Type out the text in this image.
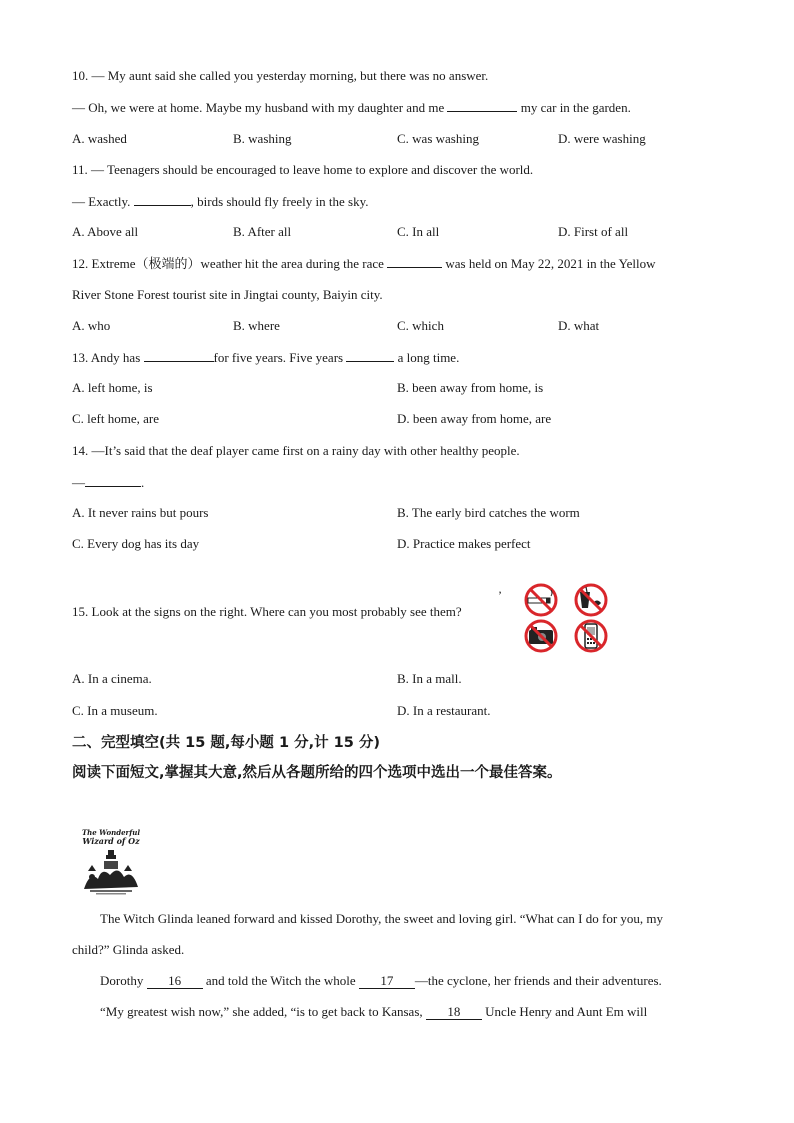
10. — My aunt said she called you yesterday morning, but there was no answer.
— Oh, we were at home. Maybe my husband with my daughter and me	my car in the garden.
A. washed	B. washing	C. was washing	D. were washing
11. — Teenagers should be encouraged to leave home to explore and discover the world.
— Exactly.	, birds should fly freely in the sky.
A. Above all	B. After all	C. In all	D. First of all
12. Extreme（极端的）weather hit the area during the race	was held on May 22, 2021 in the Yellow
River Stone Forest tourist site in Jingtai county, Baiyin city.
A. who	B. where	C. which	D. what
13. Andy has	for five years. Five years	a long time.
A. left home, is	B. been away from home, is
C. left home, are	D. been away from home, are
14. —It’s said that the deaf player came first on a rainy day with other healthy people.
—	.
A. It never rains but pours	B. The early bird catches the worm
C. Every dog has its day	D. Practice makes perfect
15. Look at the signs on the right. Where can you most probably see them?
’
A. In a cinema.	B. In a mall.
C. In a museum.	D. In a restaurant.
二、完型填空(共 15 题,每小题 1 分,计 15 分)
阅读下面短文,掌握其大意,然后从各题所给的四个选项中选出一个最佳答案。
The Wonderful
Wizard of Oz
The Witch Glinda leaned forward and kissed Dorothy, the sweet and loving girl. “What can I do for you, my
child?” Glinda asked.
Dorothy 16 and told the Witch the whole 17 —the cyclone, her friends and their adventures.
“My greatest wish now,” she added, “is to get back to Kansas, 18 Uncle Henry and Aunt Em will
